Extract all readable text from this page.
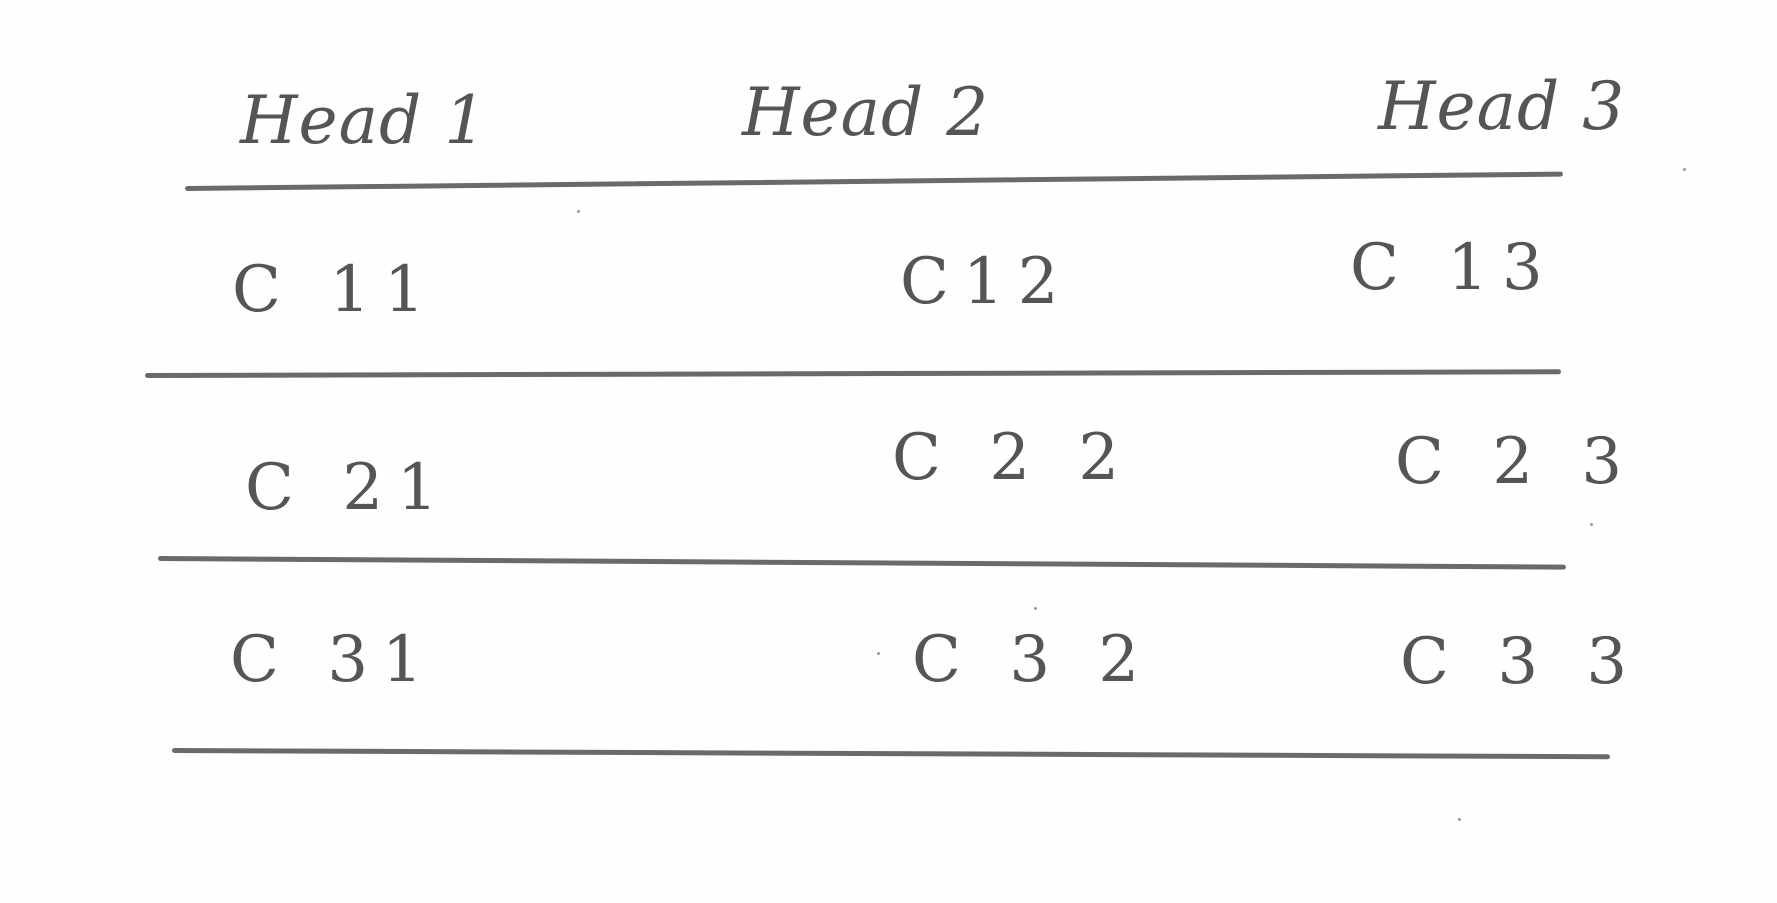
Head 1	Head 2	Head 3
C 11	C12	C 13
C 21	C 2 2	C 2 3
C 31	C 3 2	C 3 3
